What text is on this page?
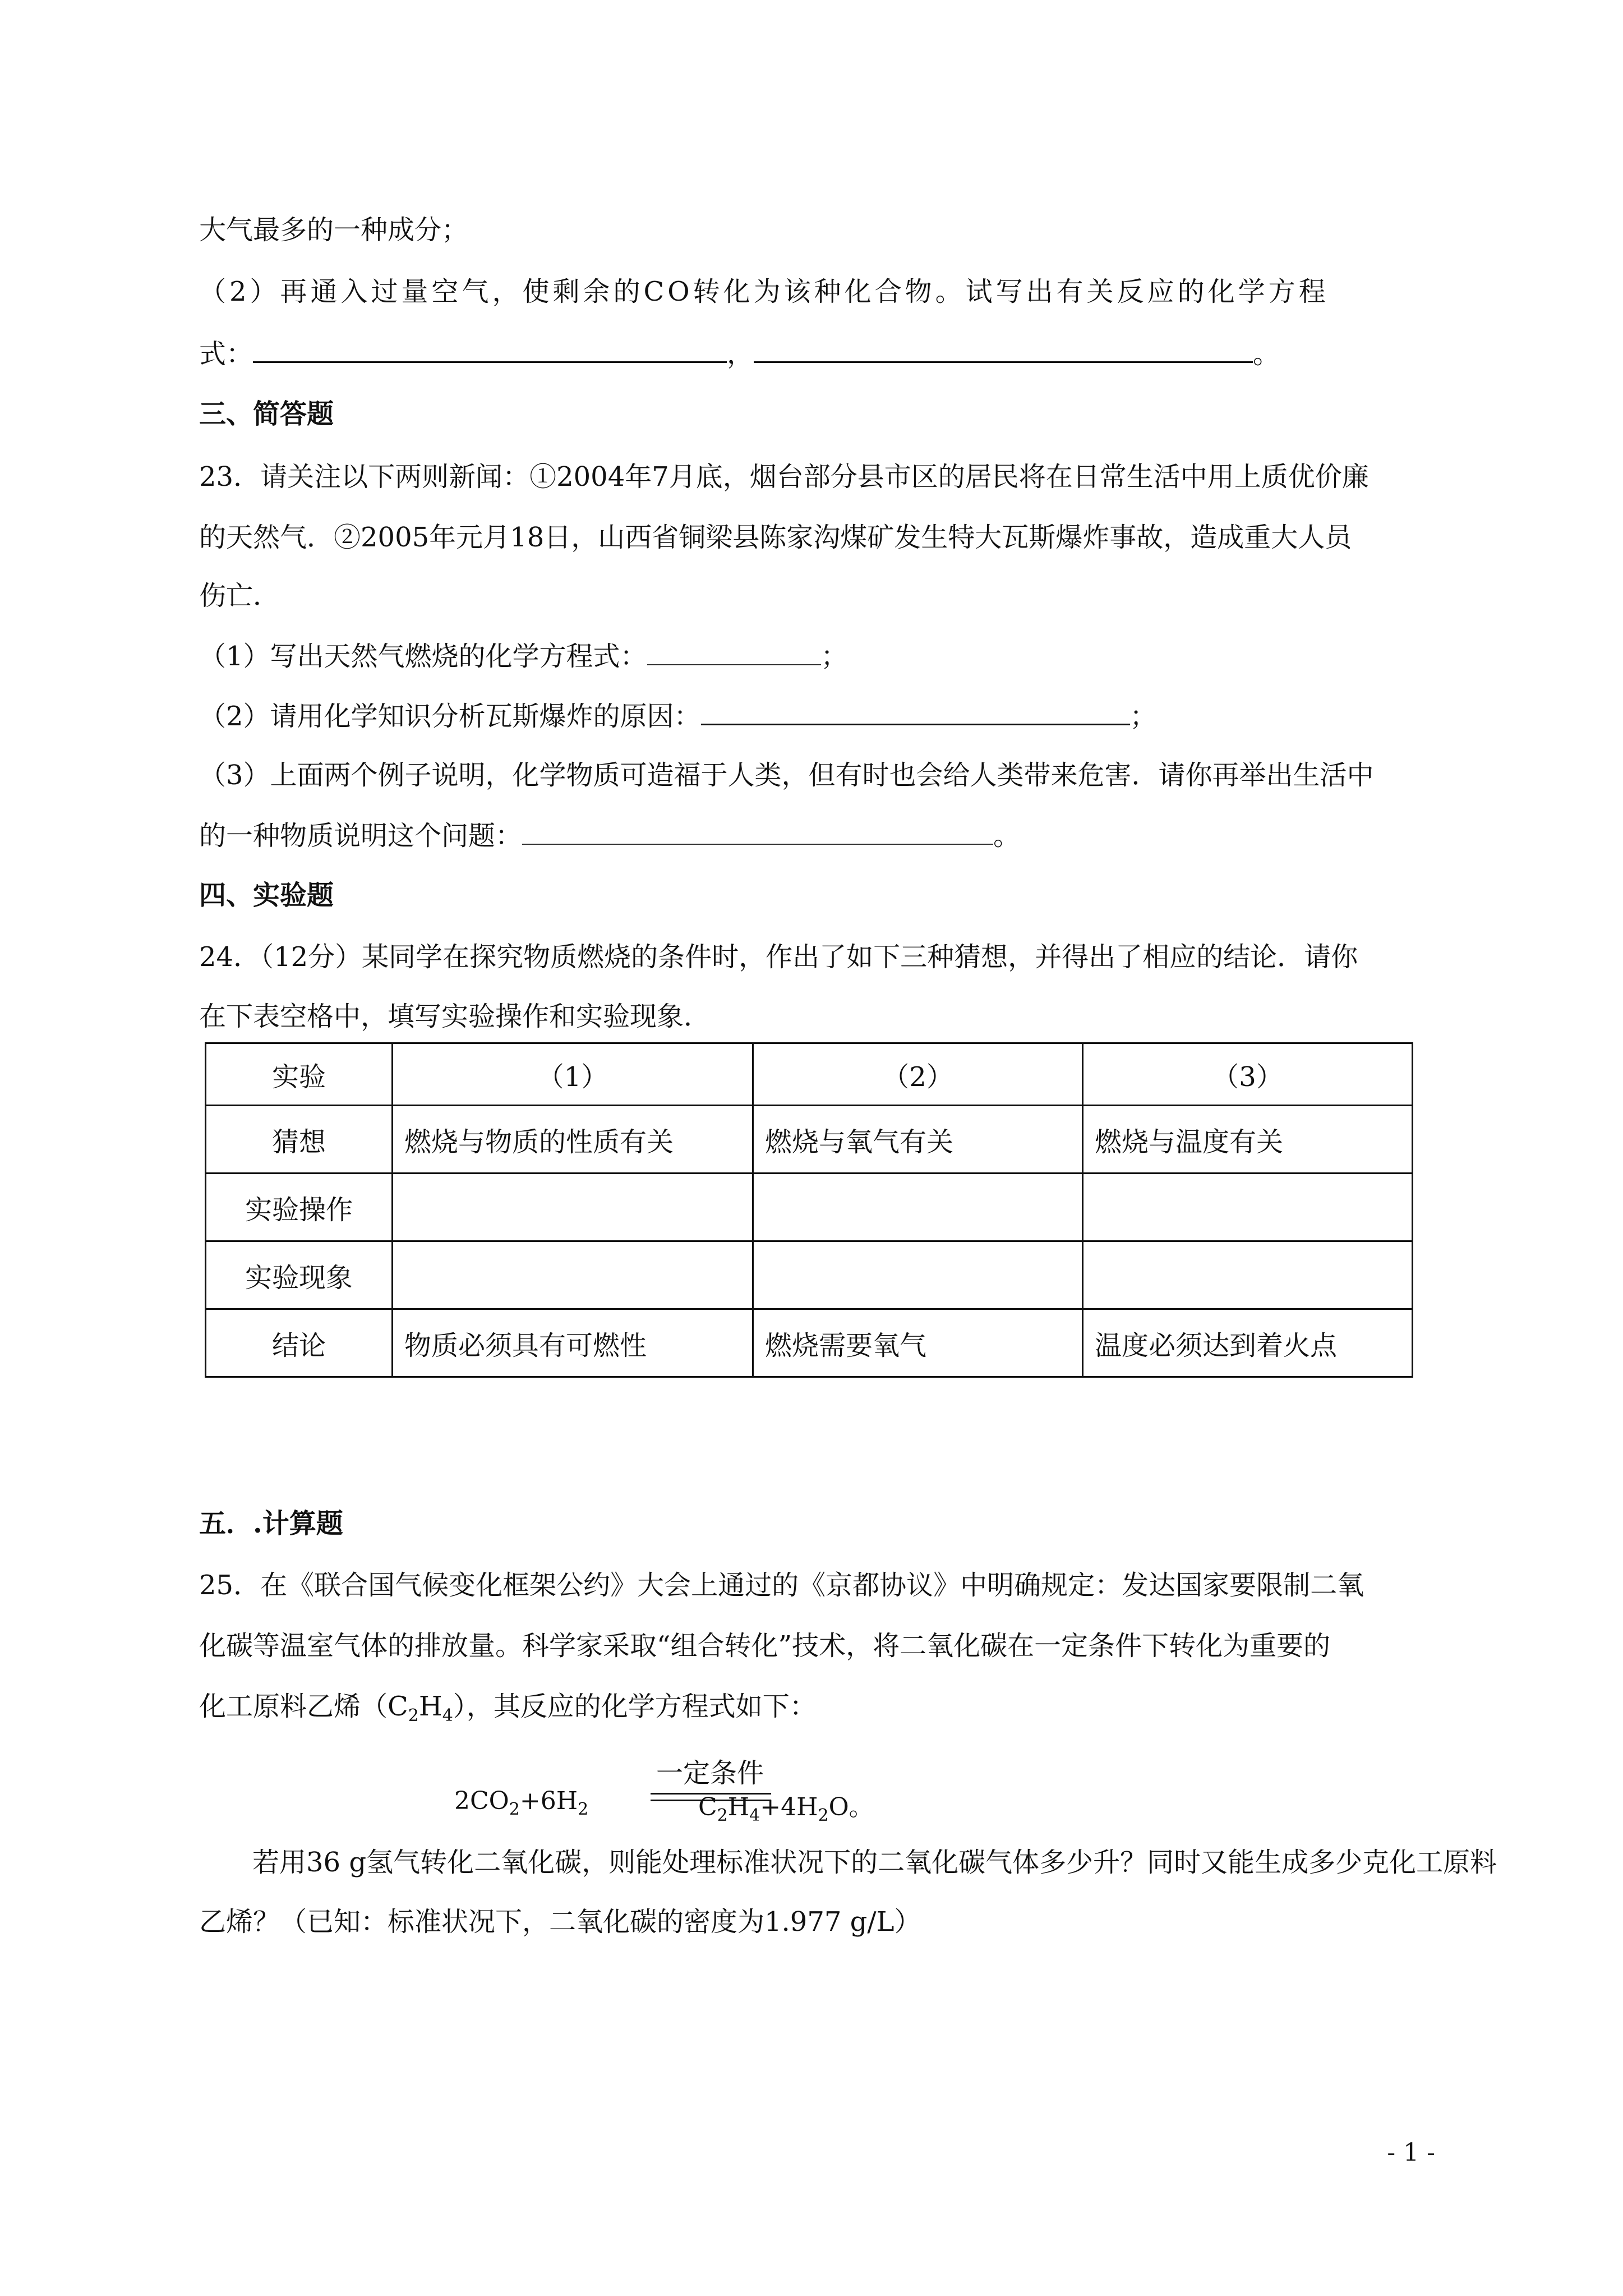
大气最多的一种成分；
（2）再通入过量空气，使剩余的CO转化为该种化合物。试写出有关反应的化学方程
式：	，	。
三、简答题
23．请关注以下两则新闻：①2004年7月底，烟台部分县市区的居民将在日常生活中用上质优价廉
的天然气．②2005年元月18日，山西省铜梁县陈家沟煤矿发生特大瓦斯爆炸事故，造成重大人员
伤亡．
（1）写出天然气燃烧的化学方程式：	；
（2）请用化学知识分析瓦斯爆炸的原因：	；
（3）上面两个例子说明，化学物质可造福于人类，但有时也会给人类带来危害．请你再举出生活中
的一种物质说明这个问题：	。
四、实验题
24．（12分）某同学在探究物质燃烧的条件时，作出了如下三种猜想，并得出了相应的结论．请你
在下表空格中，填写实验操作和实验现象．
实验	（1）	（2）	（3）
猜想	燃烧与物质的性质有关	燃烧与氧气有关	燃烧与温度有关
实验操作			
实验现象			
结论	物质必须具有可燃性	燃烧需要氧气	温度必须达到着火点
五．.计算题
25．在《联合国气候变化框架公约》大会上通过的《京都协议》中明确规定：发达国家要限制二氧
化碳等温室气体的排放量。科学家采取“组合转化”技术，将二氧化碳在一定条件下转化为重要的
化工原料乙烯$(C_2H_4)$，其反应的化学方程式如下：
$2CO_2+6H_2$
一定条件
$C_2H_4+4H_2O$。
若用36 g氢气转化二氧化碳，则能处理标准状况下的二氧化碳气体多少升？同时又能生成多少克化工原料
乙烯？（已知：标准状况下，二氧化碳的密度为1.977 g/L）
- 1 -
